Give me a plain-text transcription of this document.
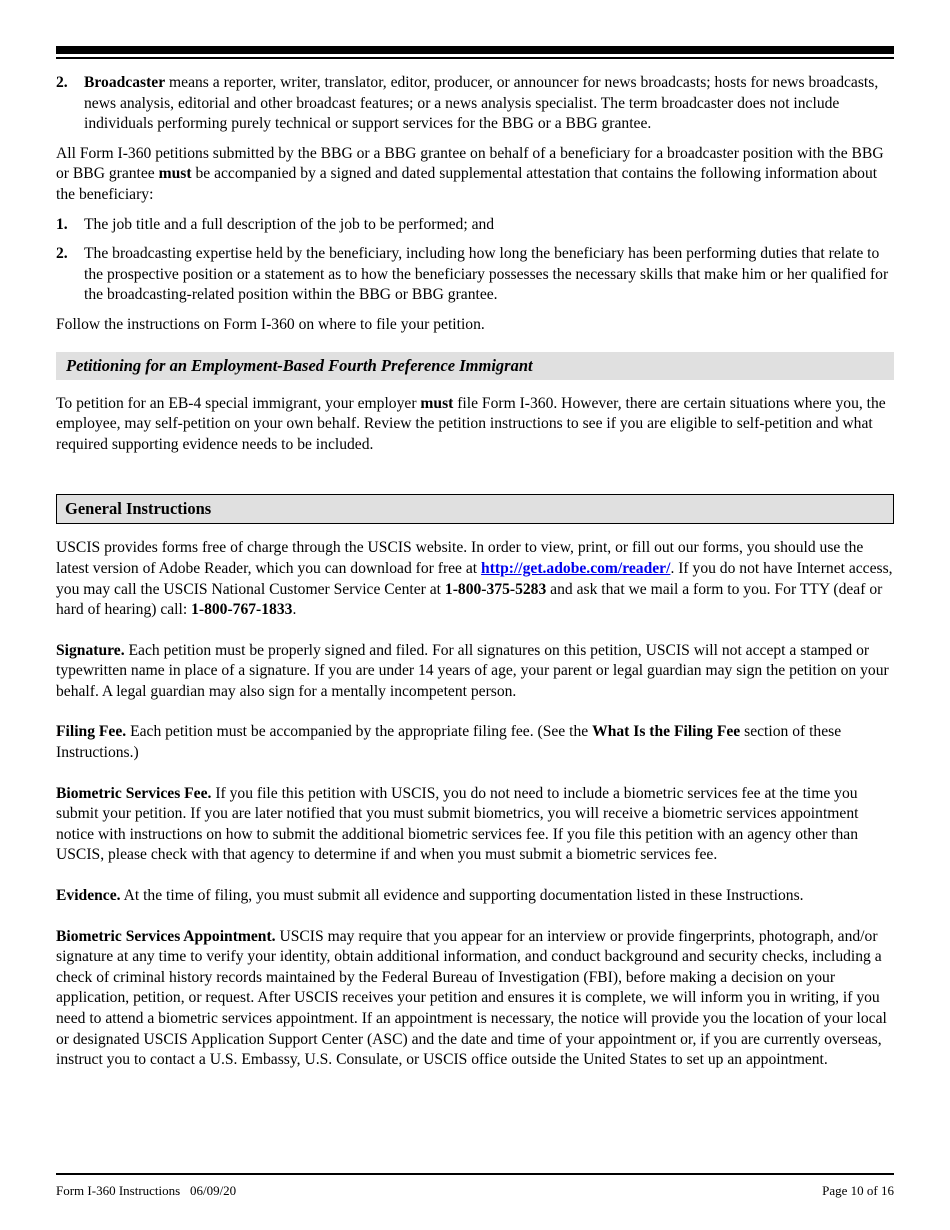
2.	Broadcaster means a reporter, writer, translator, editor, producer, or announcer for news broadcasts; hosts for news broadcasts, news analysis, editorial and other broadcast features; or a news analysis specialist. The term broadcaster does not include individuals performing purely technical or support services for the BBG or a BBG grantee.

All Form I-360 petitions submitted by the BBG or a BBG grantee on behalf of a beneficiary for a broadcaster position with the BBG or BBG grantee must be accompanied by a signed and dated supplemental attestation that contains the following information about the beneficiary:

1.	The job title and a full description of the job to be performed; and
2.	The broadcasting expertise held by the beneficiary, including how long the beneficiary has been performing duties that relate to the prospective position or a statement as to how the beneficiary possesses the necessary skills that make him or her qualified for the broadcasting-related position within the BBG or BBG grantee.

Follow the instructions on Form I-360 on where to file your petition.

Petitioning for an Employment-Based Fourth Preference Immigrant

To petition for an EB-4 special immigrant, your employer must file Form I-360. However, there are certain situations where you, the employee, may self-petition on your own behalf. Review the petition instructions to see if you are eligible to self-petition and what required supporting evidence needs to be included.

General Instructions

USCIS provides forms free of charge through the USCIS website. In order to view, print, or fill out our forms, you should use the latest version of Adobe Reader, which you can download for free at http://get.adobe.com/reader/. If you do not have Internet access, you may call the USCIS National Customer Service Center at 1-800-375-5283 and ask that we mail a form to you. For TTY (deaf or hard of hearing) call: 1-800-767-1833.

Signature. Each petition must be properly signed and filed. For all signatures on this petition, USCIS will not accept a stamped or typewritten name in place of a signature. If you are under 14 years of age, your parent or legal guardian may sign the petition on your behalf. A legal guardian may also sign for a mentally incompetent person.

Filing Fee. Each petition must be accompanied by the appropriate filing fee. (See the What Is the Filing Fee section of these Instructions.)

Biometric Services Fee. If you file this petition with USCIS, you do not need to include a biometric services fee at the time you submit your petition. If you are later notified that you must submit biometrics, you will receive a biometric services appointment notice with instructions on how to submit the additional biometric services fee. If you file this petition with an agency other than USCIS, please check with that agency to determine if and when you must submit a biometric services fee.

Evidence. At the time of filing, you must submit all evidence and supporting documentation listed in these Instructions.

Biometric Services Appointment. USCIS may require that you appear for an interview or provide fingerprints, photograph, and/or signature at any time to verify your identity, obtain additional information, and conduct background and security checks, including a check of criminal history records maintained by the Federal Bureau of Investigation (FBI), before making a decision on your application, petition, or request. After USCIS receives your petition and ensures it is complete, we will inform you in writing, if you need to attend a biometric services appointment. If an appointment is necessary, the notice will provide you the location of your local or designated USCIS Application Support Center (ASC) and the date and time of your appointment or, if you are currently overseas, instruct you to contact a U.S. Embassy, U.S. Consulate, or USCIS office outside the United States to set up an appointment.

Form I-360 Instructions   06/09/20	Page 10 of 16
